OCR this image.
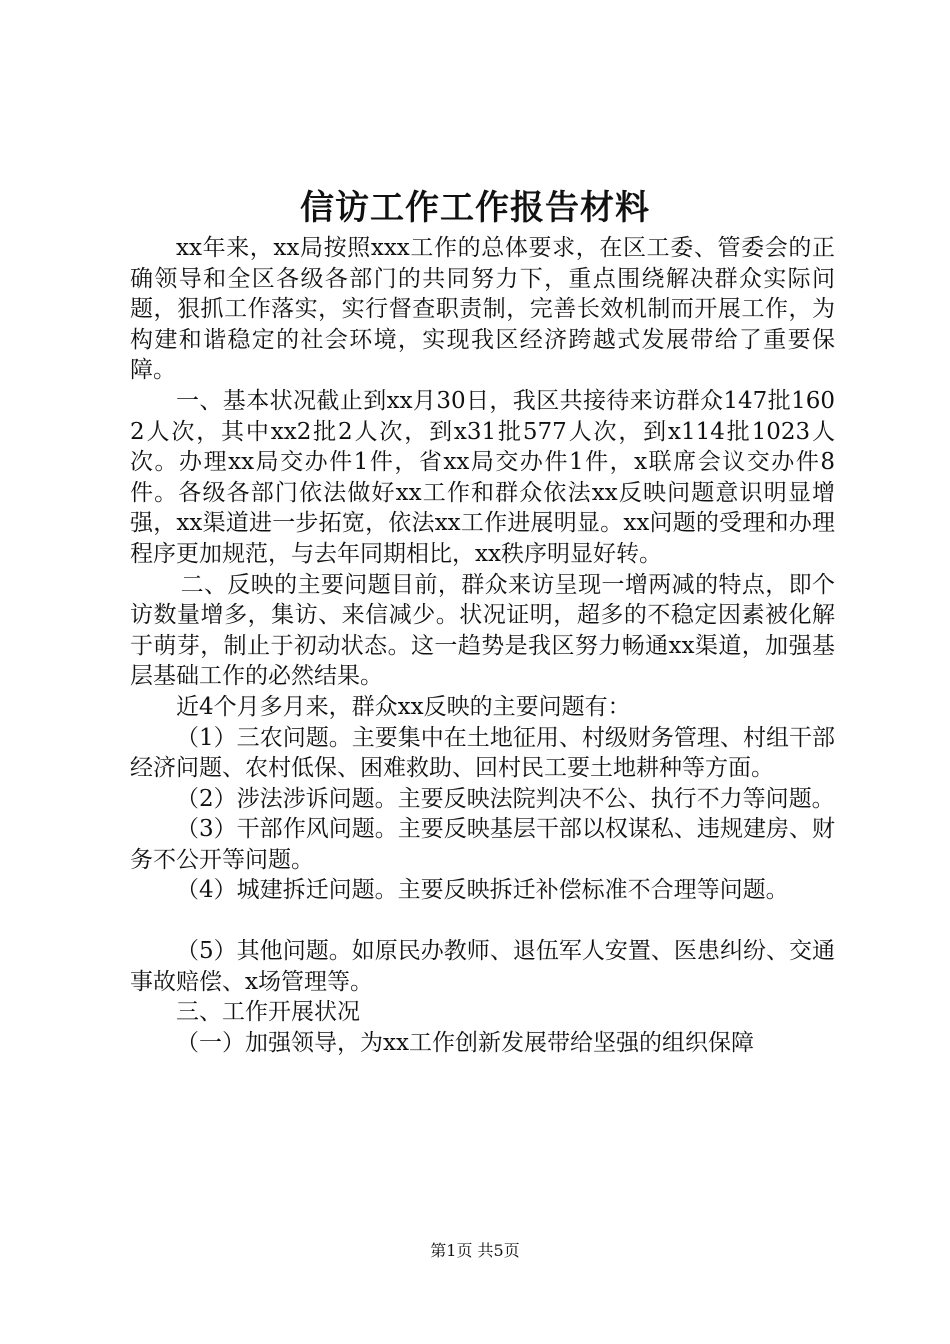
信访工作工作报告材料

xx年来，xx局按照xxx工作的总体要求，在区工委、管委会的正确领导和全区各级各部门的共同努力下，重点围绕解决群众实际问题，狠抓工作落实，实行督查职责制，完善长效机制而开展工作，为构建和谐稳定的社会环境，实现我区经济跨越式发展带给了重要保障。

一、基本状况截止到xx月30日，我区共接待来访群众147批1602人次，其中xx2批2人次，到x31批577人次，到x114批1023人次。办理xx局交办件1件，省xx局交办件1件，x联席会议交办件8件。各级各部门依法做好xx工作和群众依法xx反映问题意识明显增强，xx渠道进一步拓宽，依法xx工作进展明显。xx问题的受理和办理程序更加规范，与去年同期相比，xx秩序明显好转。

二、反映的主要问题目前，群众来访呈现一增两减的特点，即个访数量增多，集访、来信减少。状况证明，超多的不稳定因素被化解于萌芽，制止于初动状态。这一趋势是我区努力畅通xx渠道，加强基层基础工作的必然结果。

近4个月多月来，群众xx反映的主要问题有：

（1）三农问题。主要集中在土地征用、村级财务管理、村组干部经济问题、农村低保、困难救助、回村民工要土地耕种等方面。

（2）涉法涉诉问题。主要反映法院判决不公、执行不力等问题。

（3）干部作风问题。主要反映基层干部以权谋私、违规建房、财务不公开等问题。

（4）城建拆迁问题。主要反映拆迁补偿标准不合理等问题。

（5）其他问题。如原民办教师、退伍军人安置、医患纠纷、交通事故赔偿、x场管理等。

三、工作开展状况

（一）加强领导，为xx工作创新发展带给坚强的组织保障

第1页 共5页
